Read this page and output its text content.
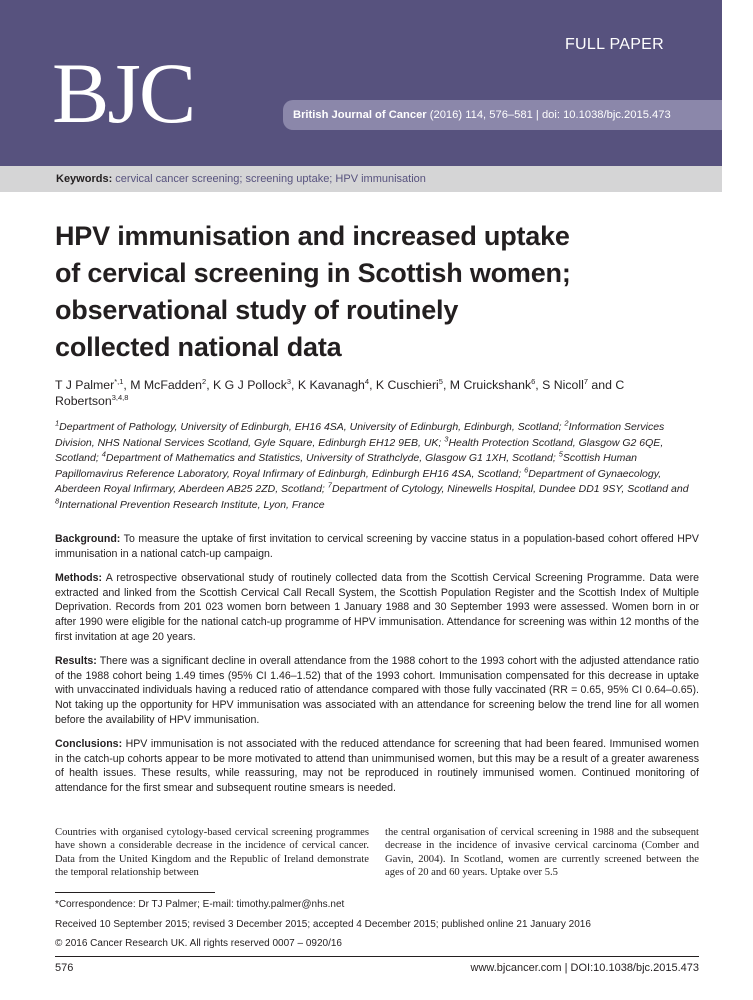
BJC
FULL PAPER
British Journal of Cancer (2016) 114, 576–581 | doi: 10.1038/bjc.2015.473
Keywords: cervical cancer screening; screening uptake; HPV immunisation
HPV immunisation and increased uptake
of cervical screening in Scottish women;
observational study of routinely
collected national data
T J Palmer$^{*,1}$, M McFadden$^2$, K G J Pollock$^3$, K Kavanagh$^4$, K Cuschieri$^5$, M Cruickshank$^6$, S Nicoll$^7$ and C Robertson$^{3,4,8}$
$^1$Department of Pathology, University of Edinburgh, EH16 4SA, University of Edinburgh, Edinburgh, Scotland; $^2$Information Services Division, NHS National Services Scotland, Gyle Square, Edinburgh EH12 9EB, UK; $^3$Health Protection Scotland, Glasgow G2 6QE, Scotland; $^4$Department of Mathematics and Statistics, University of Strathclyde, Glasgow G1 1XH, Scotland; $^5$Scottish Human Papillomavirus Reference Laboratory, Royal Infirmary of Edinburgh, Edinburgh EH16 4SA, Scotland; $^6$Department of Gynaecology, Aberdeen Royal Infirmary, Aberdeen AB25 2ZD, Scotland; $^7$Department of Cytology, Ninewells Hospital, Dundee DD1 9SY, Scotland and $^8$International Prevention Research Institute, Lyon, France

Background: To measure the uptake of first invitation to cervical screening by vaccine status in a population-based cohort offered HPV immunisation in a national catch-up campaign.

Methods: A retrospective observational study of routinely collected data from the Scottish Cervical Screening Programme. Data were extracted and linked from the Scottish Cervical Call Recall System, the Scottish Population Register and the Scottish Index of Multiple Deprivation. Records from 201 023 women born between 1 January 1988 and 30 September 1993 were assessed. Women born in or after 1990 were eligible for the national catch-up programme of HPV immunisation. Attendance for screening was within 12 months of the first invitation at age 20 years.

Results: There was a significant decline in overall attendance from the 1988 cohort to the 1993 cohort with the adjusted attendance ratio of the 1988 cohort being 1.49 times (95% CI 1.46–1.52) that of the 1993 cohort. Immunisation compensated for this decrease in uptake with unvaccinated individuals having a reduced ratio of attendance compared with those fully vaccinated (RR = 0.65, 95% CI 0.64–0.65). Not taking up the opportunity for HPV immunisation was associated with an attendance for screening below the trend line for all women before the availability of HPV immunisation.

Conclusions: HPV immunisation is not associated with the reduced attendance for screening that had been feared. Immunised women in the catch-up cohorts appear to be more motivated to attend than unimmunised women, but this may be a result of a greater awareness of health issues. These results, while reassuring, may not be reproduced in routinely immunised women. Continued monitoring of attendance for the first smear and subsequent routine smears is needed.

Countries with organised cytology-based cervical screening programmes have shown a considerable decrease in the incidence of cervical cancer. Data from the United Kingdom and the Republic of Ireland demonstrate the temporal relationship between
the central organisation of cervical screening in 1988 and the subsequent decrease in the incidence of invasive cervical carcinoma (Comber and Gavin, 2004). In Scotland, women are currently screened between the ages of 20 and 60 years. Uptake over 5.5
*Correspondence: Dr TJ Palmer; E-mail: timothy.palmer@nhs.net
Received 10 September 2015; revised 3 December 2015; accepted 4 December 2015; published online 21 January 2016
© 2016 Cancer Research UK. All rights reserved 0007 – 0920/16
576	www.bjcancer.com | DOI:10.1038/bjc.2015.473
